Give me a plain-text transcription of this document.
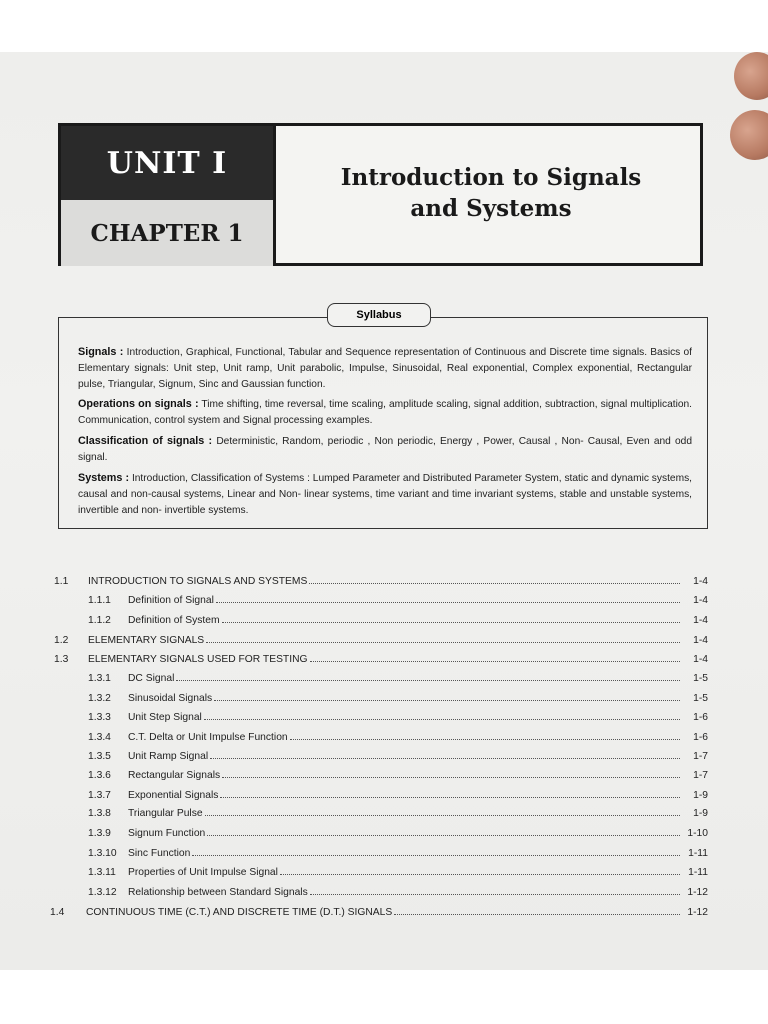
UNIT I
CHAPTER 1
Introduction to Signals
and Systems
Syllabus
Signals : Introduction, Graphical, Functional, Tabular and Sequence representation of Continuous and Discrete time signals. Basics of Elementary signals: Unit step, Unit ramp, Unit parabolic, Impulse, Sinusoidal, Real exponential, Complex exponential, Rectangular pulse, Triangular, Signum, Sinc and Gaussian function.
Operations on signals : Time shifting, time reversal, time scaling, amplitude scaling, signal addition, subtraction, signal multiplication. Communication, control system and Signal processing examples.
Classification of signals : Deterministic, Random, periodic , Non periodic, Energy , Power, Causal , Non- Causal, Even and odd signal.
Systems : Introduction, Classification of Systems : Lumped Parameter and Distributed Parameter System, static and dynamic systems, causal and non-causal systems, Linear and Non- linear systems, time variant and time invariant systems, stable and unstable systems, invertible and non- invertible systems.
1.1	INTRODUCTION TO SIGNALS AND SYSTEMS	1-4
1.1.1	Definition of Signal	1-4
1.1.2	Definition of System	1-4
1.2	ELEMENTARY SIGNALS	1-4
1.3	ELEMENTARY SIGNALS USED FOR TESTING	1-4
1.3.1	DC Signal	1-5
1.3.2	Sinusoidal Signals	1-5
1.3.3	Unit Step Signal	1-6
1.3.4	C.T. Delta or Unit Impulse Function	1-6
1.3.5	Unit Ramp Signal	1-7
1.3.6	Rectangular Signals	1-7
1.3.7	Exponential Signals	1-9
1.3.8	Triangular Pulse	1-9
1.3.9	Signum Function	1-10
1.3.10	Sinc Function	1-11
1.3.11	Properties of Unit Impulse Signal	1-11
1.3.12	Relationship between Standard Signals	1-12
1.4	CONTINUOUS TIME (C.T.) AND DISCRETE TIME (D.T.) SIGNALS	1-12
